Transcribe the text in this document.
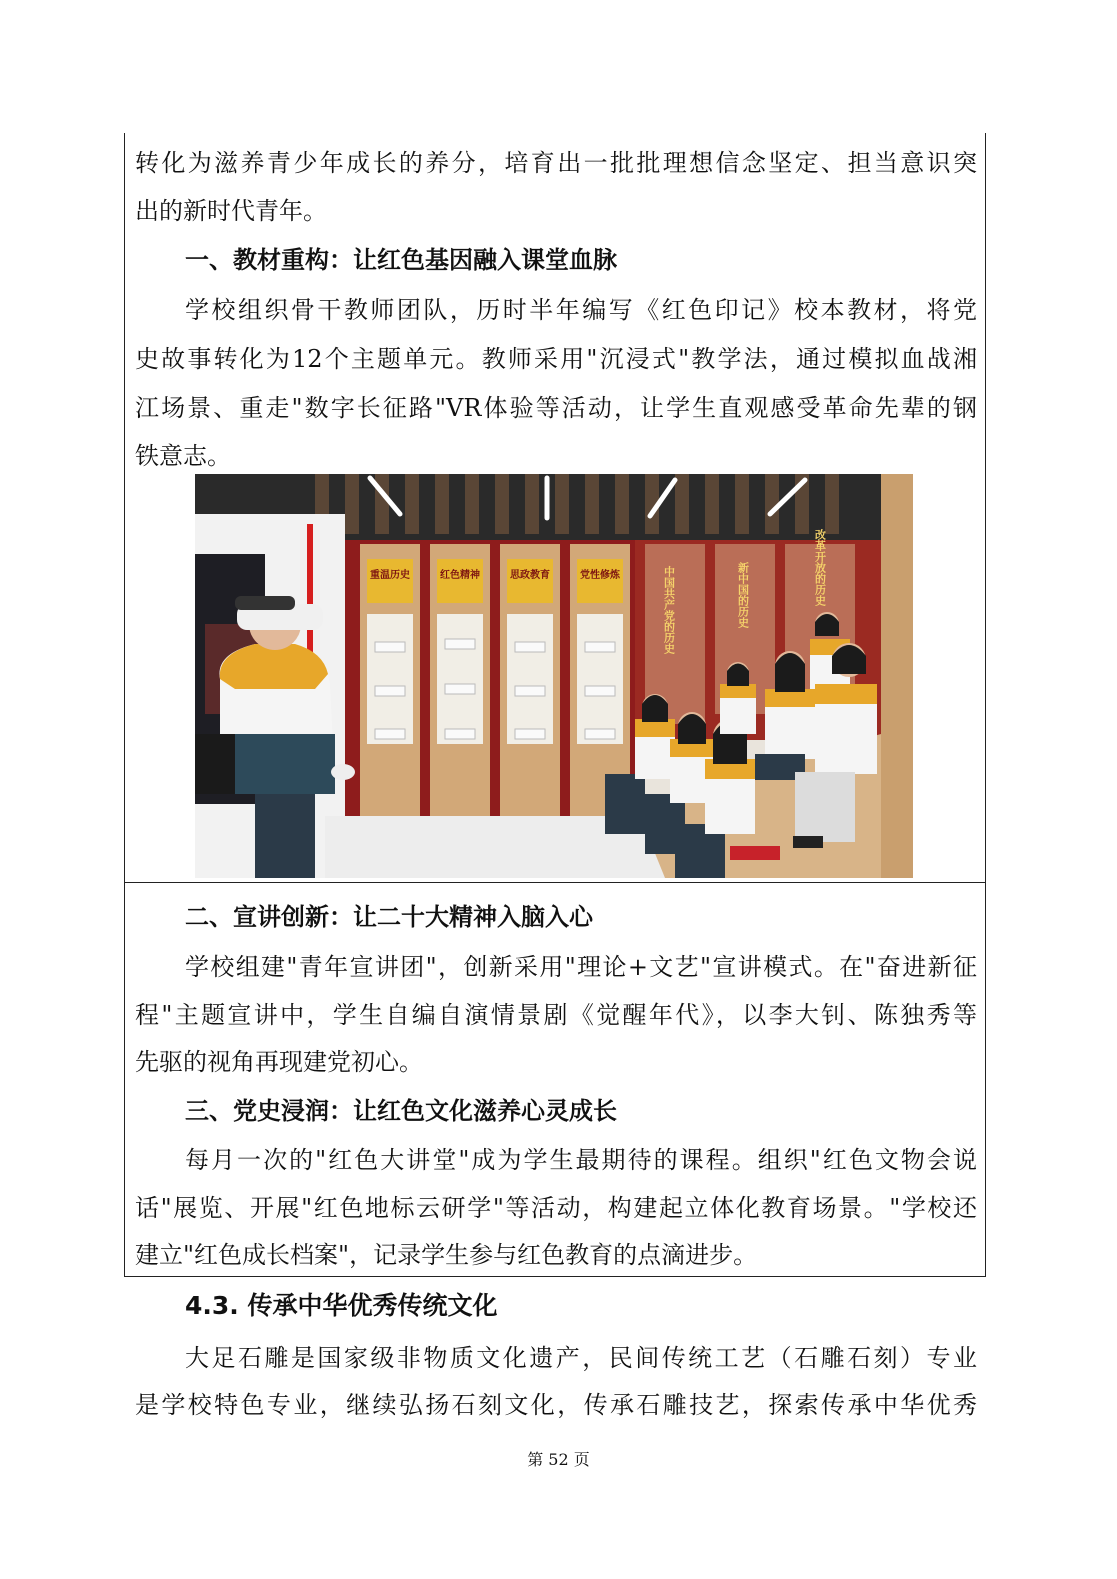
转化为滋养青少年成长的养分，培育出一批批理想信念坚定、担当意识突
出的新时代青年。
一、教材重构：让红色基因融入课堂血脉
学校组织骨干教师团队，历时半年编写《红色印记》校本教材，将党
史故事转化为12个主题单元。教师采用"沉浸式"教学法，通过模拟血战湘
江场景、重走"数字长征路"VR体验等活动，让学生直观感受革命先辈的钢
铁意志。
重温历史	红色精神	思政教育	党性修炼	中国共产党的历史	新中国的历史	改革开放的历史
二、宣讲创新：让二十大精神入脑入心
学校组建"青年宣讲团"，创新采用"理论+文艺"宣讲模式。在"奋进新征
程"主题宣讲中，学生自编自演情景剧《觉醒年代》，以李大钊、陈独秀等
先驱的视角再现建党初心。
三、党史浸润：让红色文化滋养心灵成长
每月一次的"红色大讲堂"成为学生最期待的课程。组织"红色文物会说
话"展览、开展"红色地标云研学"等活动，构建起立体化教育场景。"学校还
建立"红色成长档案"，记录学生参与红色教育的点滴进步。
4.3. 传承中华优秀传统文化
大足石雕是国家级非物质文化遗产，民间传统工艺（石雕石刻）专业
是学校特色专业，继续弘扬石刻文化，传承石雕技艺，探索传承中华优秀
第 52 页
